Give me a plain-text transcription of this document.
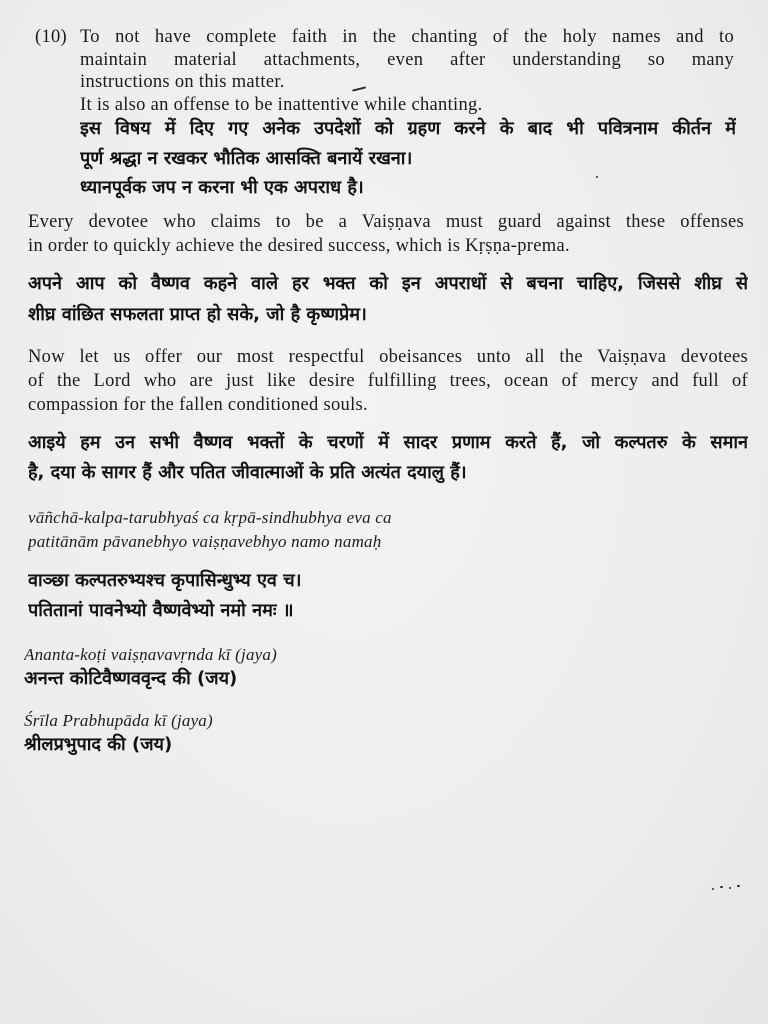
(10) To not have complete faith in the chanting of the holy names and to
maintain material attachments, even after understanding so many
instructions on this matter.
It is also an offense to be inattentive while chanting.
इस विषय में दिए गए अनेक उपदेशों को ग्रहण करने के बाद भी पवित्रनाम कीर्तन में
पूर्ण श्रद्धा न रखकर भौतिक आसक्ति बनायें रखना।
ध्यानपूर्वक जप न करना भी एक अपराध है।
Every devotee who claims to be a Vaiṣṇava must guard against these offenses
in order to quickly achieve the desired success, which is Kṛṣṇa-prema.
अपने आप को वैष्णव कहने वाले हर भक्त को इन अपराधों से बचना चाहिए, जिससे शीघ्र से
शीघ्र वांछित सफलता प्राप्त हो सके, जो है कृष्णप्रेम।
Now let us offer our most respectful obeisances unto all the Vaiṣṇava devotees
of the Lord who are just like desire fulfilling trees, ocean of mercy and full of
compassion for the fallen conditioned souls.
आइये हम उन सभी वैष्णव भक्तों के चरणों में सादर प्रणाम करते हैं, जो कल्पतरु के समान
है, दया के सागर हैं और पतित जीवात्माओं के प्रति अत्यंत दयालु हैं।
vāñchā-kalpa-tarubhyaś ca kṛpā-sindhubhya eva ca
patitānām pāvanebhyo vaiṣṇavebhyo namo namaḥ
वाञ्छा कल्पतरुभ्यश्च कृपासिन्धुभ्य एव च।
पतितानां पावनेभ्यो वैष्णवेभ्यो नमो नमः ॥
Ananta-koṭi vaiṣṇavavṛnda kī (jaya)
अनन्त कोटिवैष्णववृन्द की (जय)
Śrīla Prabhupāda kī (jaya)
श्रीलप्रभुपाद की (जय)
